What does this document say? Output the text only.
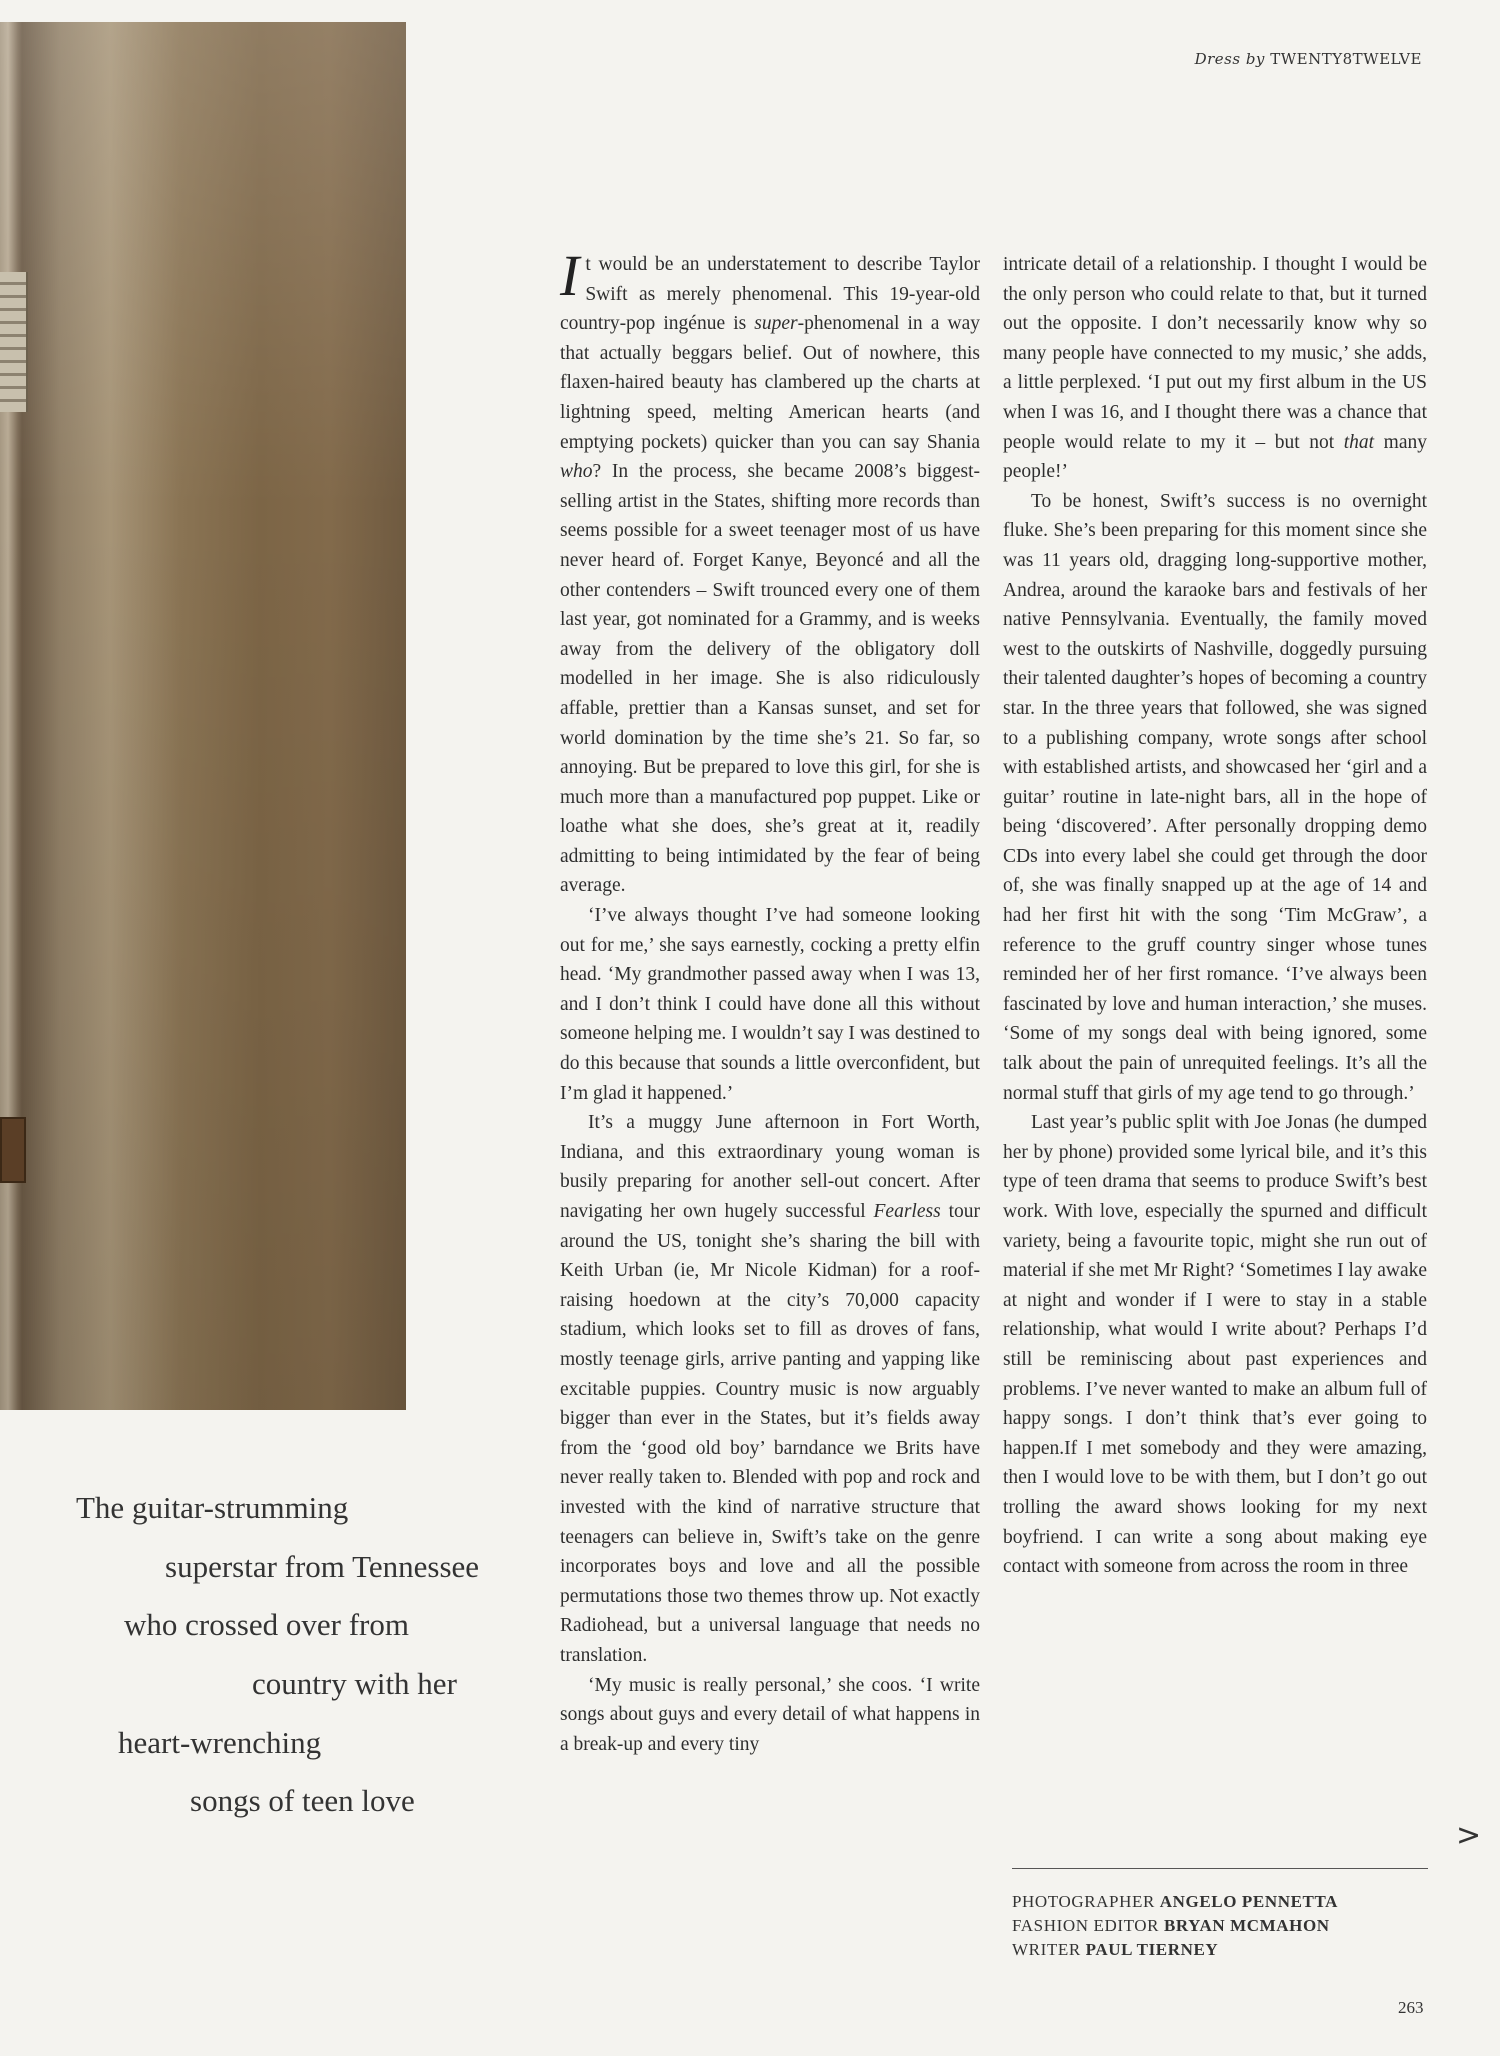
Dress by TWENTY8TWELVE

The guitar-strumming
superstar from Tennessee
who crossed over from
country with her
heart-wrenching
songs of teen love

It would be an understatement to describe Taylor Swift as merely phenomenal. This 19-year-old country-pop ingénue is super-phenomenal in a way that actually beggars belief. Out of nowhere, this flaxen-haired beauty has clambered up the charts at lightning speed, melting American hearts (and emptying pockets) quicker than you can say Shania who? In the process, she became 2008’s biggest-selling artist in the States, shifting more records than seems possible for a sweet teenager most of us have never heard of. Forget Kanye, Beyoncé and all the other contenders – Swift trounced every one of them last year, got nominated for a Grammy, and is weeks away from the delivery of the obligatory doll modelled in her image. She is also ridiculously affable, prettier than a Kansas sunset, and set for world domination by the time she’s 21. So far, so annoying. But be prepared to love this girl, for she is much more than a manufactured pop puppet. Like or loathe what she does, she’s great at it, readily admitting to being intimidated by the fear of being average.

‘I’ve always thought I’ve had someone looking out for me,’ she says earnestly, cocking a pretty elfin head. ‘My grandmother passed away when I was 13, and I don’t think I could have done all this without someone helping me. I wouldn’t say I was destined to do this because that sounds a little overconfident, but I’m glad it happened.’

It’s a muggy June afternoon in Fort Worth, Indiana, and this extraordinary young woman is busily preparing for another sell-out concert. After navigating her own hugely successful Fearless tour around the US, tonight she’s sharing the bill with Keith Urban (ie, Mr Nicole Kidman) for a roof-raising hoedown at the city’s 70,000 capacity stadium, which looks set to fill as droves of fans, mostly teenage girls, arrive panting and yapping like excitable puppies. Country music is now arguably bigger than ever in the States, but it’s fields away from the ‘good old boy’ barndance we Brits have never really taken to. Blended with pop and rock and invested with the kind of narrative structure that teenagers can believe in, Swift’s take on the genre incorporates boys and love and all the possible permutations those two themes throw up. Not exactly Radiohead, but a universal language that needs no translation.

‘My music is really personal,’ she coos. ‘I write songs about guys and every detail of what happens in a break-up and every tiny

intricate detail of a relationship. I thought I would be the only person who could relate to that, but it turned out the opposite. I don’t necessarily know why so many people have connected to my music,’ she adds, a little perplexed. ‘I put out my first album in the US when I was 16, and I thought there was a chance that people would relate to my it – but not that many people!’

To be honest, Swift’s success is no overnight fluke. She’s been preparing for this moment since she was 11 years old, dragging long-supportive mother, Andrea, around the karaoke bars and festivals of her native Pennsylvania. Eventually, the family moved west to the outskirts of Nashville, doggedly pursuing their talented daughter’s hopes of becoming a country star. In the three years that followed, she was signed to a publishing company, wrote songs after school with established artists, and showcased her ‘girl and a guitar’ routine in late-night bars, all in the hope of being ‘discovered’. After personally dropping demo CDs into every label she could get through the door of, she was finally snapped up at the age of 14 and had her first hit with the song ‘Tim McGraw’, a reference to the gruff country singer whose tunes reminded her of her first romance. ‘I’ve always been fascinated by love and human interaction,’ she muses. ‘Some of my songs deal with being ignored, some talk about the pain of unrequited feelings. It’s all the normal stuff that girls of my age tend to go through.’

Last year’s public split with Joe Jonas (he dumped her by phone) provided some lyrical bile, and it’s this type of teen drama that seems to produce Swift’s best work. With love, especially the spurned and difficult variety, being a favourite topic, might she run out of material if she met Mr Right? ‘Sometimes I lay awake at night and wonder if I were to stay in a stable relationship, what would I write about? Perhaps I’d still be reminiscing about past experiences and problems. I’ve never wanted to make an album full of happy songs. I don’t think that’s ever going to happen.If I met somebody and they were amazing, then I would love to be with them, but I don’t go out trolling the award shows looking for my next boyfriend. I can write a song about making eye contact with someone from across the room in three

>
PHOTOGRAPHER ANGELO PENNETTA
FASHION EDITOR BRYAN MCMAHON
WRITER PAUL TIERNEY
263
